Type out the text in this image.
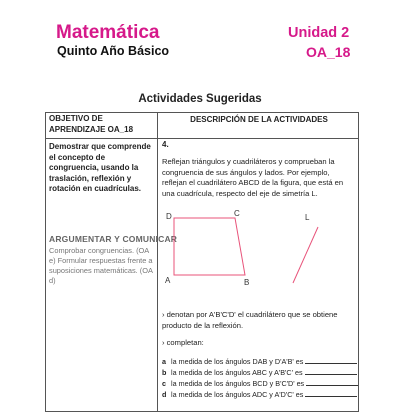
Matemática
Quinto Año Básico
Unidad 2
OA_18
Actividades Sugeridas
OBJETIVO DE APRENDIZAJE OA_18
DESCRIPCIÓN DE LA ACTIVIDADES
Demostrar que comprende el concepto de congruencia, usando la traslación, reflexión y rotación en cuadrículas.
ARGUMENTAR Y COMUNICAR
Comprobar congruencias. (OA e) Formular respuestas frente a suposiciones matemáticas. (OA d)
4.
Reflejan triángulos y cuadriláteros y comprueban la congruencia de sus ángulos y lados. Por ejemplo, reflejan el cuadrilátero ABCD de la figura, que está en una cuadrícula, respecto del eje de simetría L.
D	C
A	B
L
› denotan por A'B'C'D' el cuadrilátero que se obtiene producto de la reflexión.
› completan:
a la medida de los ángulos DAB y D'A'B' es
b la medida de los ángulos ABC y A'B'C' es
c la medida de los ángulos BCD y B'C'D' es
d la medida de los ángulos ADC y A'D'C' es
